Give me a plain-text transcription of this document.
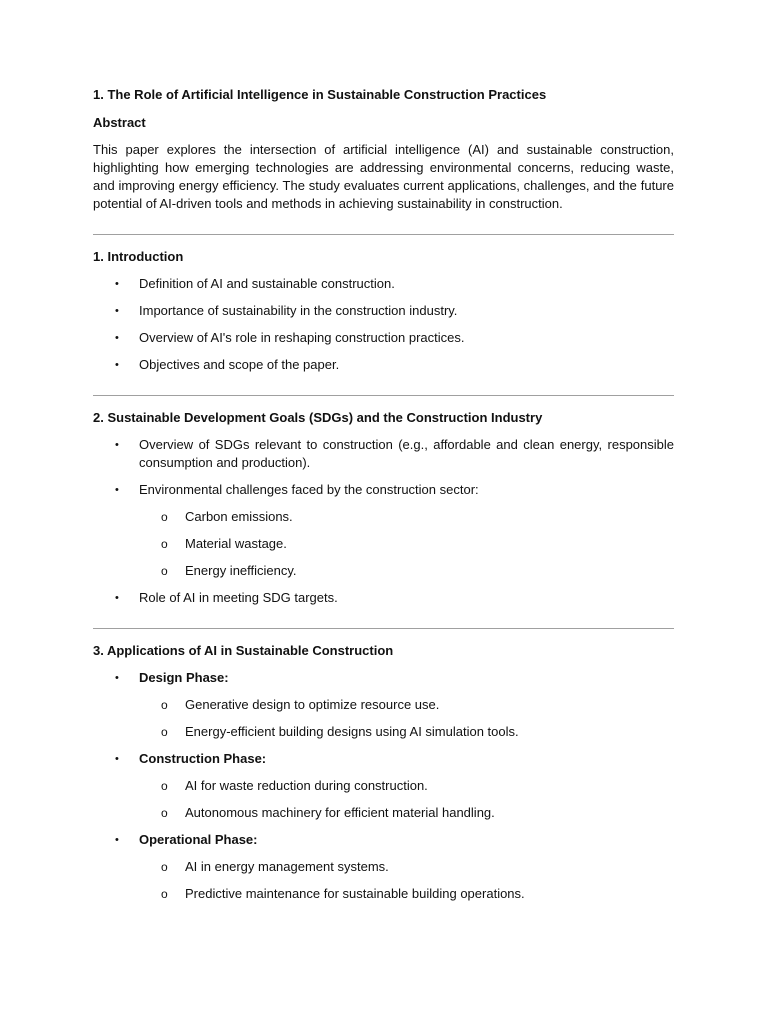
1. The Role of Artificial Intelligence in Sustainable Construction Practices
Abstract
This paper explores the intersection of artificial intelligence (AI) and sustainable construction, highlighting how emerging technologies are addressing environmental concerns, reducing waste, and improving energy efficiency. The study evaluates current applications, challenges, and the future potential of AI-driven tools and methods in achieving sustainability in construction.
1. Introduction
• Definition of AI and sustainable construction.
• Importance of sustainability in the construction industry.
• Overview of AI's role in reshaping construction practices.
• Objectives and scope of the paper.
2. Sustainable Development Goals (SDGs) and the Construction Industry
• Overview of SDGs relevant to construction (e.g., affordable and clean energy, responsible consumption and production).
• Environmental challenges faced by the construction sector:
o Carbon emissions.
o Material wastage.
o Energy inefficiency.
• Role of AI in meeting SDG targets.
3. Applications of AI in Sustainable Construction
• Design Phase:
o Generative design to optimize resource use.
o Energy-efficient building designs using AI simulation tools.
• Construction Phase:
o AI for waste reduction during construction.
o Autonomous machinery for efficient material handling.
• Operational Phase:
o AI in energy management systems.
o Predictive maintenance for sustainable building operations.
